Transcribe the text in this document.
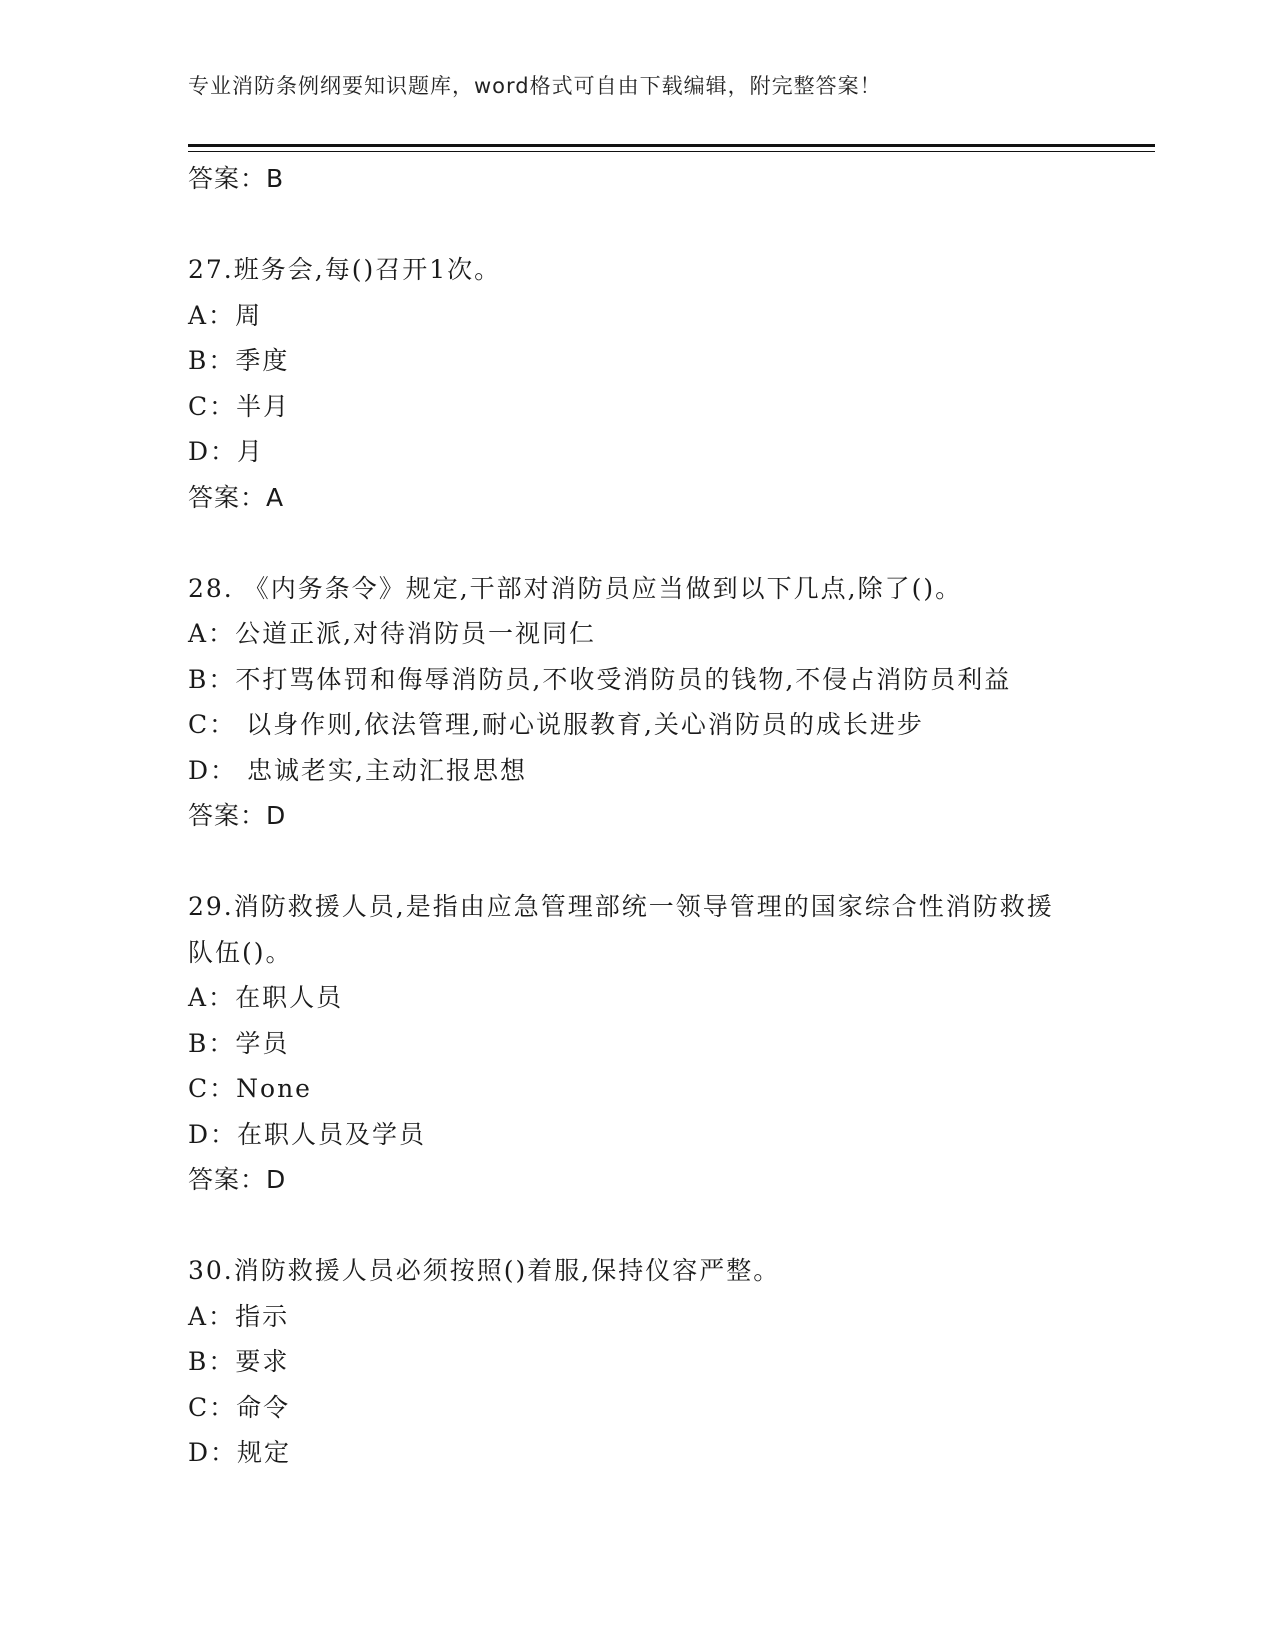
专业消防条例纲要知识题库，word格式可自由下载编辑，附完整答案！
答案：B
27.班务会,每()召开1次。
A：周
B：季度
C：半月
D：月
答案：A
28. 《内务条令》规定,干部对消防员应当做到以下几点,除了()。
A：公道正派,对待消防员一视同仁
B：不打骂体罚和侮辱消防员,不收受消防员的钱物,不侵占消防员利益
C： 以身作则,依法管理,耐心说服教育,关心消防员的成长进步
D： 忠诚老实,主动汇报思想
答案：D
29.消防救援人员,是指由应急管理部统一领导管理的国家综合性消防救援队伍()。
A：在职人员
B：学员
C：None
D：在职人员及学员
答案：D
30.消防救援人员必须按照()着服,保持仪容严整。
A：指示
B：要求
C：命令
D：规定
